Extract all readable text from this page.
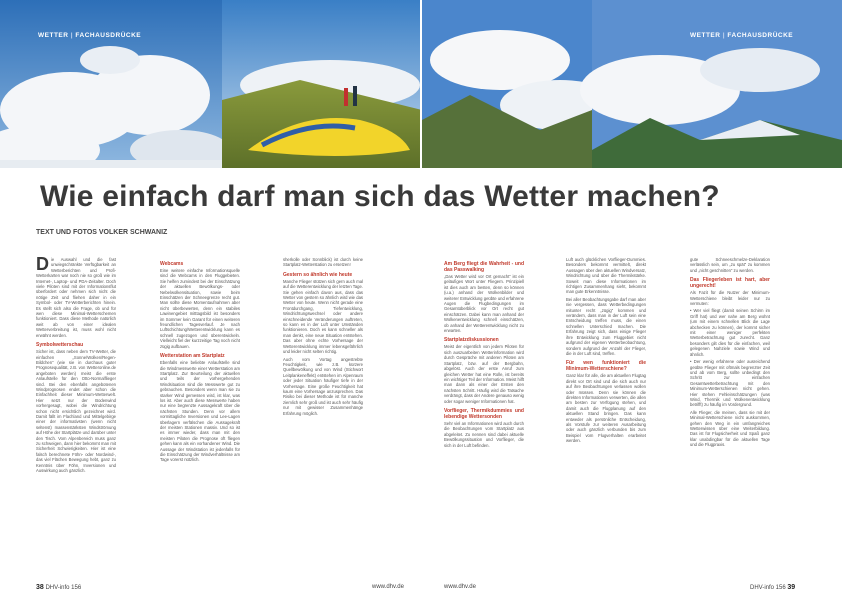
WETTER | FACHAUSDRÜCKE	WETTER | FACHAUSDRÜCKE
Wie einfach darf man sich das Wetter machen?
TEXT UND FOTOS VOLKER SCHWANIZ

Die Auswahl und die fast unwiegschränkte Verfügbarkeit an Wetterberichten und Profi-Wetterkarten war noch nie so groß wie im Internet-, Laptop- und PDA-Zeitalter. Doch viele Piloten sind mit der Informationsflut überfordert oder nehmen sich nicht die nötige Zeit und fliehen daher in ein Symbol- oder TV-Wetterberichten hinein. Es stellt sich also die Frage, ob und für wen diese Minimal-Wetterschemen funktioniert. Dass diese Methode natürlich weit ab von einer idealen Wetterverbreitung ist, muss wohl nicht erwähnt werden.

Symbolwetterschau

Sicher ist, dass neben dem TV-Wetter, die einfachen „Sonne/Wolken/Regen-Bildchen“ (wie sie in durchaus guter Prognosequalität, z.B. von Wetteronline.de angeboten werden) meist die erste Anlaufstelle für den Otto-Normalflieger sind. Bei den ebenfalls angebotenen Windprognosen endet aber schon die Einfachheit dieser Minimum-Wetterwelt. Hier setzt nur der Bodenwind vorhergesagt, wobei die Windrichtung schon nicht ersichtlich gezeichnet wird. Damit fällt im Flachland und Mittelgebirge einer der informativsten (wenn nicht seltenst) massenstärksten Windströmung auf Höhe der Startplätze und darüber unter den Tisch. Vom Alpenbereich muss ganz zu schweigen, dann hier bekommt man mit Sicherheit Schwierigkeiten. Hier ist eine falsch berechnete Föhn- oder Nordwind-, das viel Flächen Bewegung hebt, ganz zu Kenntnis über Föhn, Inversionen und Auswirkung auch gänzlich.

Webcams

Eine weitere einfache Informationsquelle sind die Webcams in den Fluggebieten. Sie helfen zumindest bei der Einschätzung der aktuellen Bewölkungs- oder Nebelwolkensituation, sowie beim Einschätzen der Schneegrenze recht gut. Man sollte diese Momentaufnahmen aber nicht überbewerten, denn ein stabiles Lawinengebiet mitttagsbild ist besonders im Sommer kein Garant für einen weiteren freundlichen Tagesverlauf. Je nach Luftschichtung/Wetterentwicklung kann es schnell zugezogen und überentwickeln. Vielleicht fiel der kurzzeitige Tag noch nicht zügig aufbauen.

Wetterstation am Startplatz

Ebenfalls eine beliebte Anlaufstelle sind die Windmesswerte einer Wetterstation am Startplatz. Zur Beurteilung der aktuellen und teils der vorhergehenden Windsituation sind die Messwerte gut zu gebrauchen. Besonders wenn man sie zu starker Wind gemessen wird, ist klar, was los ist. Aber auch diese Messwerte haben nur eine begrenzte Aussagekraft über die nächsten Stunden. Denn vor allem vormittagliche Inversionen und Lee-Lagen überlagern verfälschen die Aussagekraft der meisten Stationen massiv. Und so ist es immer wieder, dass man mit den meisten Piloten die Prognose oft fliegen gehen kann als ein vorhandener Wind. Die Aussage der Windstation ist jedenfalls für die Einschätzung der Windverhältnisse am Tage vorerst nützlich.

sherkolle oder Sonnblick) ist durch keine Startplatz-Wetterstation zu ersetzen!

Gestern so ähnlich wie heute

Manche Flieger stützen sich gern auch mal auf die Wetterentwicklung der letzten Tage. Sie gehen einfach davon aus, dass das Wetter von gestern so ähnlich wird wie das Wetter von heute. Wenn nicht gerade eine Frontdurchgang, Tiefentwicklung, Windrichtungswechsel oder andere einschneidende Veränderungen auftreten, so kann es in der Luft unter Umständen funktionieren. Doch es kann schneller als man denkt, eine neue Situation entstehen. Das aber ohne echte Vorhersage der Wetterentwicklung immer lebensgefährlich und leider nicht selten richtig.

Auch vom Vortag angestrebte Feuchtigkeit, wie z.B. kürzere Quellbewölkung und von Wind (Stichwort Leitplankeneffekt) entstehen im Alpenraum oder jeder Situation häufiger tiefe in der Vorhersage. Eine große Feuchtigkeit hat kaum eine Vorhersage anzusprechen. Das Risiko bei dieser Methode ist für manche ziemlich sehr groß und ist auch sehr häufig nur mit gewisser Zusammenhänge Erfahrung möglich.

Am Berg fliegt die Wahrheit - und das Passwalking

„Das Wetter wird vor Ort gemacht“ ist ein geläufiges Wort unter Fliegern. Prinzipiell ist dies auch am besten, denn so können (u.a.) anhand der Wolkenbilder und weiterer Entwicklung geübte und erfahrene Augen die Flugbedingungen im Gesamtüberblick vor Ort recht gut einschätzen. Dabei kann man anhand der Wolkenentwicklung schnell einschätzen, ob anhand der Wetterentwicklung nicht zu erwarten.

Startplatzdiskussionen

Meist der eigentlich von jedem Piloten für sich auszuarbeiten Wetterinformation wird durch Gespräche mit anderen Piloten am Startplatz, bzw. auf der Bergbahn, abgelöst. Auch der erste Anruf zum gleichen Wetter hat eine Rolle, ist bereits ein wichtiger Teil der Information. Meist hilft man dann als einer der Ersten den nächsten Schritt. Häufig wird die Tatsache verdrängt, dass der Andere genauso wenig oder sogar weniger Informationen hat.

Vorflieger, Thermikdummies und lebendige Wettersonden

Sehr viel an Informationen wird auch durch die Beobachtungen vom Startplatz aus abgeleitet. Zu nennen sind dabei aktuelle Bewölkungssituation und Vorflieger, die sich in der Luft befinden.

Luft auch glücklichen Vorflieger-Dummies. Besonders bekommt vermittelt, direkt Aussagen über den aktuellen Windversatz, Windrichtung und über die Thermikstärke. Soweit man diese Informationen im richtigen Zusammenhang sieht, bekommt man gute Erkenntnisse.

Bei aller Beobachtungsgabe darf man aber nie vergessen, dass Wetterbedingungen mitunter recht „zügig“ kommen und verändern, dass man in der Luft sein eine Entscheidung treffen muss, die einen schnellen Unterschied machen. Die Erfahrung zeigt sich, dass einige Flieger ihre Entwicklung zum Fluggebiet nicht aufgrund der eigenen Wetterbeobachtung, sondern aufgrund der Anzahl der Flieger, die in der Luft sind, treffen.

Für wen funktioniert die Minimum-Wetterschiene?

Ganz klar für alle, die am aktuellen Flugtag direkt vor Ort sind und die sich auch nur auf ihre Beobachtungen verlassen wollen oder müssen. Denn sie können die direkten Informationen verwerten, die allen am besten zur Verfügung stehen, und damit auch die Flugplanung auf den aktuellen Stand bringen. Das kann entweder als persönliche Entscheidung, als Vorstufe zur weiteren Ausarbeitung oder auch gänzlich verbunden bis zum Beispiel vom Flugverhalten erarbeitet werden.

gute Schneeschmelze-Deklaration verlässlich sein, um „zu spät“ zu kommen und „nicht geschnitten“ zu werden.

Das Fliegerleben ist hart, aber ungerecht!

Als Fazit für die Nutzer der Minimum-Wetterschiene bleibt leider nur zu vermuten:

• Wer viel fliegt (damit seinen Schirm im Griff hat) und wer nahe am Berg wohnt (um mit einem schnellen Blick die Lage abchecken zu können), der kommt sicher mit einer weniger perfekten Wetterbetrachtung gut zurecht. Ganz besonders gilt dies für die einfachen, weil gelegenen Nahziele sowie Wind und ähnlich.

• Der wenig erfahrene oder ausreichend geübte Flieger mit oftmals begrenzter Zeit und ab vom Berg, sollte unbedingt den Schritt zur einfachen Gesamtwetterbetrachtung mit den Minimum-Wetterschienen nicht gehen. Hier stehen Fehleinschätzungen (was Wind, Thermik und Wolkenentwicklung betrifft) zu häufig im Vordergrund.

Alle Flieger, die meinen, dass sie mit der Minimal-Wetterschiene nicht auskommen, gehen den Weg in ein umfangreiches Wetterwissen über eine Weiterbildung. Das ist für Flugsicherheit und Spaß ganz klar unabdingbar für die aktuellen Tage und die Flugpraxis.

38 DHV-info 156	www.dhv.de	www.dhv.de	DHV-info 156 39
